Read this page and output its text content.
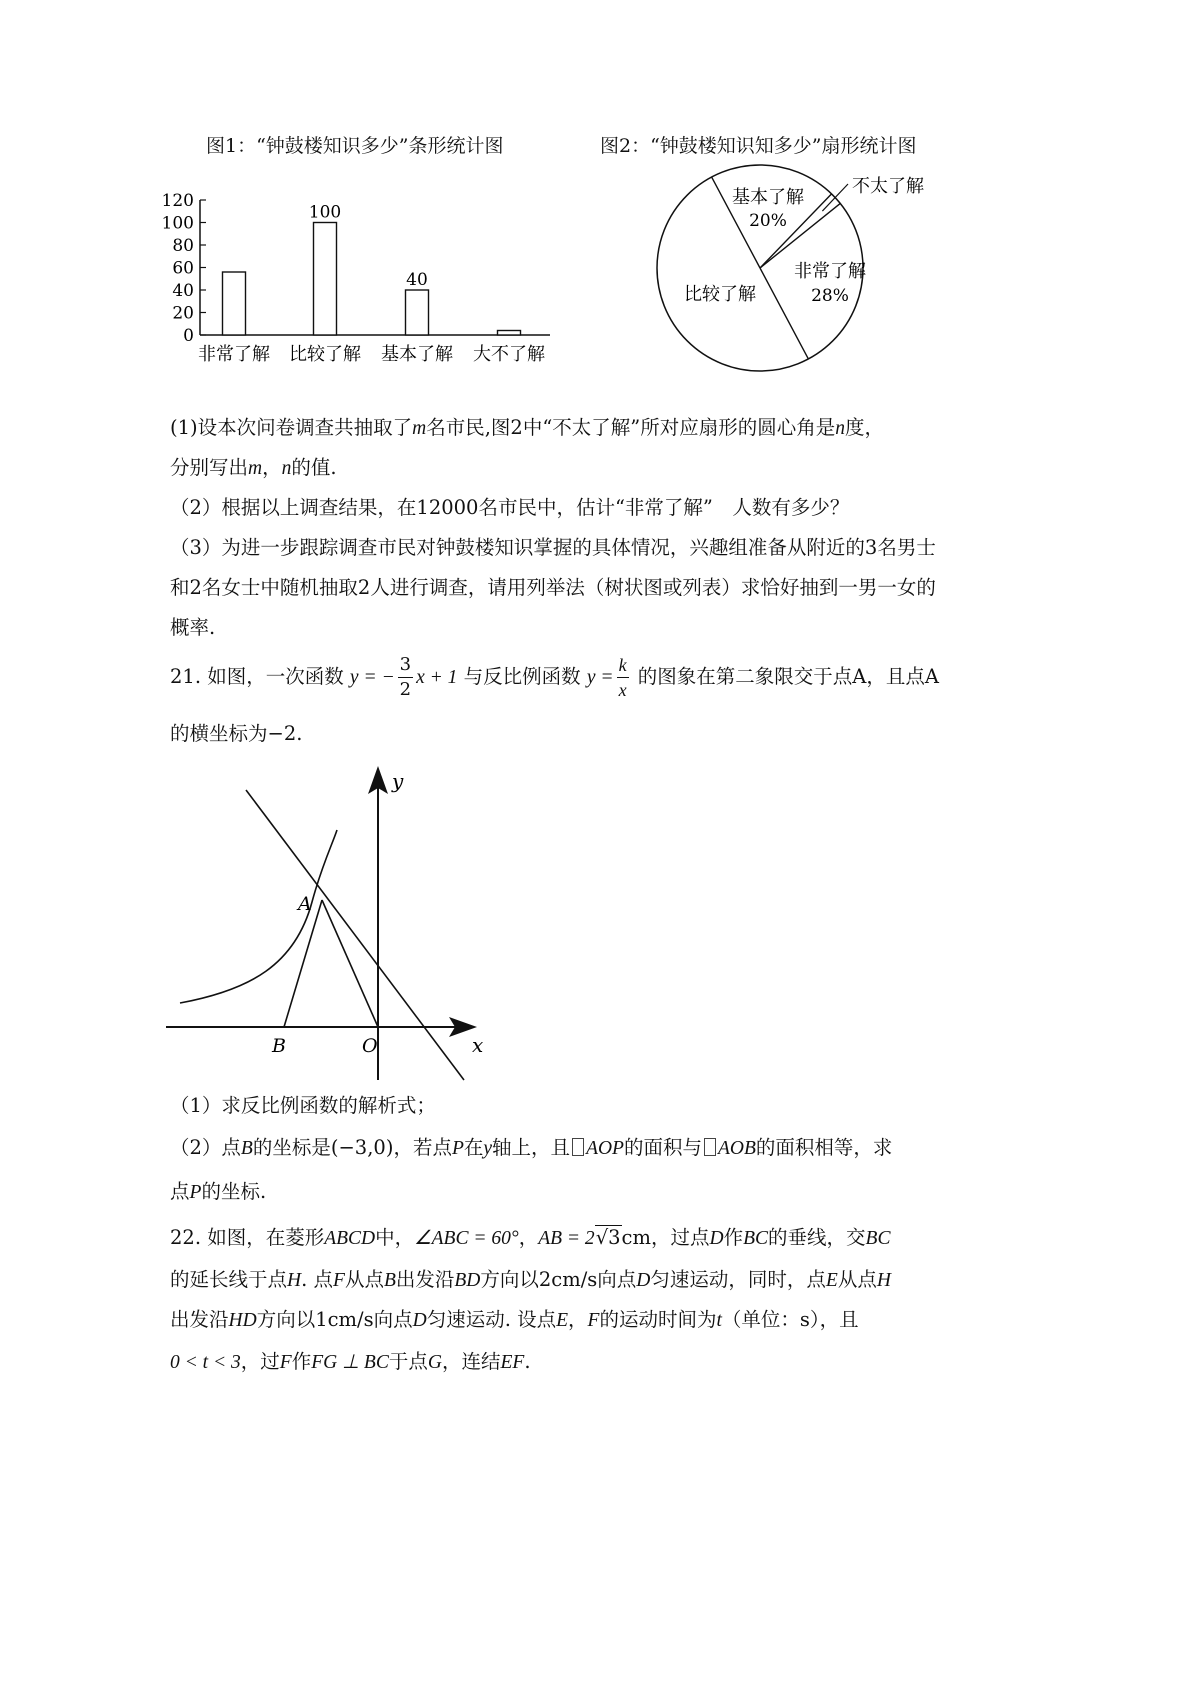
图1：“钟鼓楼知识多少”条形统计图	图2：“钟鼓楼知识知多少”扇形统计图
0
20
40
60
80
100
120
非常了解 比较了解
100
基本了解
40
大不了解
基本了解
20%
不太了解
非常了解
28%
比较了解
(1)设本次问卷调查共抽取了m名市民,图2中“不太了解”所对应扇形的圆心角是n度，
分别写出m，n的值.
（2）根据以上调查结果，在12000名市民中，估计“非常了解”　人数有多少？
（3）为进一步跟踪调查市民对钟鼓楼知识掌握的具体情况，兴趣组准备从附近的3名男士
和2名女士中随机抽取2人进行调查，请用列举法（树状图或列表）求恰好抽到一男一女的
概率.
21. 如图，一次函数 y = − $\frac{3}{2}$ x + 1 与反比例函数 $y = \frac{k}{x}$ 的图象在第二象限交于点A，且点A
的横坐标为−2.
y
x
A
B	O
（1）求反比例函数的解析式；
（2）点B的坐标是(−3,0)，若点P在y轴上，且 AOP的面积与 AOB的面积相等，求
点P的坐标.
22. 如图，在菱形ABCD中，∠ABC = 60°，AB = 2√3cm，过点D作BC的垂线，交BC
的延长线于点H. 点F从点B出发沿BD方向以2cm/s向点D匀速运动，同时，点E从点H
出发沿HD方向以1cm/s向点D匀速运动. 设点E，F的运动时间为t（单位：s），且
0 < t < 3，过F作FG ⊥ BC于点G，连结EF.
